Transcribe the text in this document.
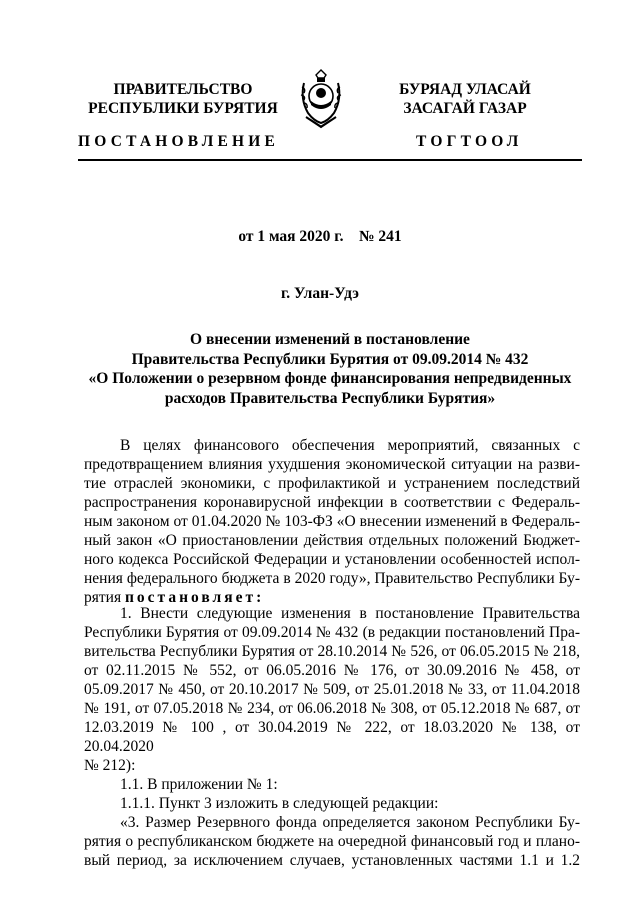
ПРАВИТЕЛЬСТВО
РЕСПУБЛИКИ БУРЯТИЯ
БУРЯАД УЛАСАЙ
ЗАСАГАЙ ГАЗАР
ПОСТАНОВЛЕНИЕ	ТОГТООЛ
от 1 мая 2020 г.    № 241
г. Улан-Удэ
О внесении изменений в постановление
Правительства Республики Бурятия от 09.09.2014 № 432
«О Положении о резервном фонде финансирования непредвиденных
расходов Правительства Республики Бурятия»
В целях финансового обеспечения мероприятий, связанных с
предотвращением влияния ухудшения экономической ситуации на разви-
тие отраслей экономики, с профилактикой и устранением последствий
распространения коронавирусной инфекции в соответствии с Федераль-
ным законом от 01.04.2020 № 103-ФЗ «О внесении изменений в Федераль-
ный закон «О приостановлении действия отдельных положений Бюджет-
ного кодекса Российской Федерации и установлении особенностей испол-
нения федерального бюджета в 2020 году», Правительство Республики Бу-
рятия постановляет:
1. Внести следующие изменения в постановление Правительства
Республики Бурятия от 09.09.2014 № 432 (в редакции постановлений Пра-
вительства Республики Бурятия от 28.10.2014 № 526, от 06.05.2015 № 218,
от 02.11.2015 № 552, от 06.05.2016 № 176, от 30.09.2016 № 458, от
05.09.2017 № 450, от 20.10.2017 № 509, от 25.01.2018 № 33, от 11.04.2018
№ 191, от 07.05.2018 № 234, от 06.06.2018 № 308, от 05.12.2018 № 687, от
12.03.2019 № 100 , от 30.04.2019 № 222, от 18.03.2020 № 138, от 20.04.2020
№ 212):
1.1. В приложении № 1:
1.1.1. Пункт 3 изложить в следующей редакции:
«3. Размер Резервного фонда определяется законом Республики Бу-
рятия о республиканском бюджете на очередной финансовый год и плано-
вый период, за исключением случаев, установленных частями 1.1 и 1.2
